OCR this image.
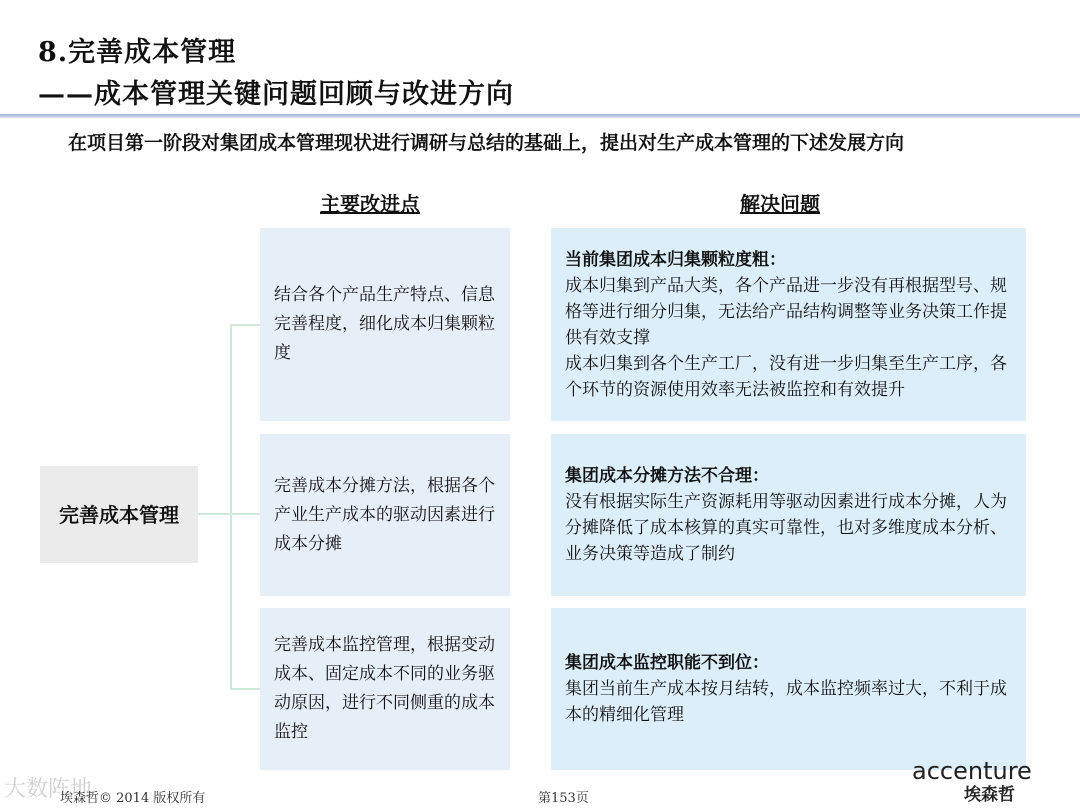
8.完善成本管理
——成本管理关键问题回顾与改进方向
在项目第一阶段对集团成本管理现状进行调研与总结的基础上，提出对生产成本管理的下述发展方向
主要改进点	解决问题
完善成本管理
结合各个产品生产特点、信息完善程度，细化成本归集颗粒度
完善成本分摊方法，根据各个产业生产成本的驱动因素进行成本分摊
完善成本监控管理，根据变动成本、固定成本不同的业务驱动原因，进行不同侧重的成本监控
当前集团成本归集颗粒度粗：
成本归集到产品大类，各个产品进一步没有再根据型号、规格等进行细分归集，无法给产品结构调整等业务决策工作提供有效支撑
成本归集到各个生产工厂，没有进一步归集至生产工序，各个环节的资源使用效率无法被监控和有效提升
集团成本分摊方法不合理：
没有根据实际生产资源耗用等驱动因素进行成本分摊，人为分摊降低了成本核算的真实可靠性，也对多维度成本分析、业务决策等造成了制约
集团成本监控职能不到位：
集团当前生产成本按月结转，成本监控频率过大，不利于成本的精细化管理
大数阵地
埃森哲© 2014 版权所有	第153页
accenture
埃森哲
